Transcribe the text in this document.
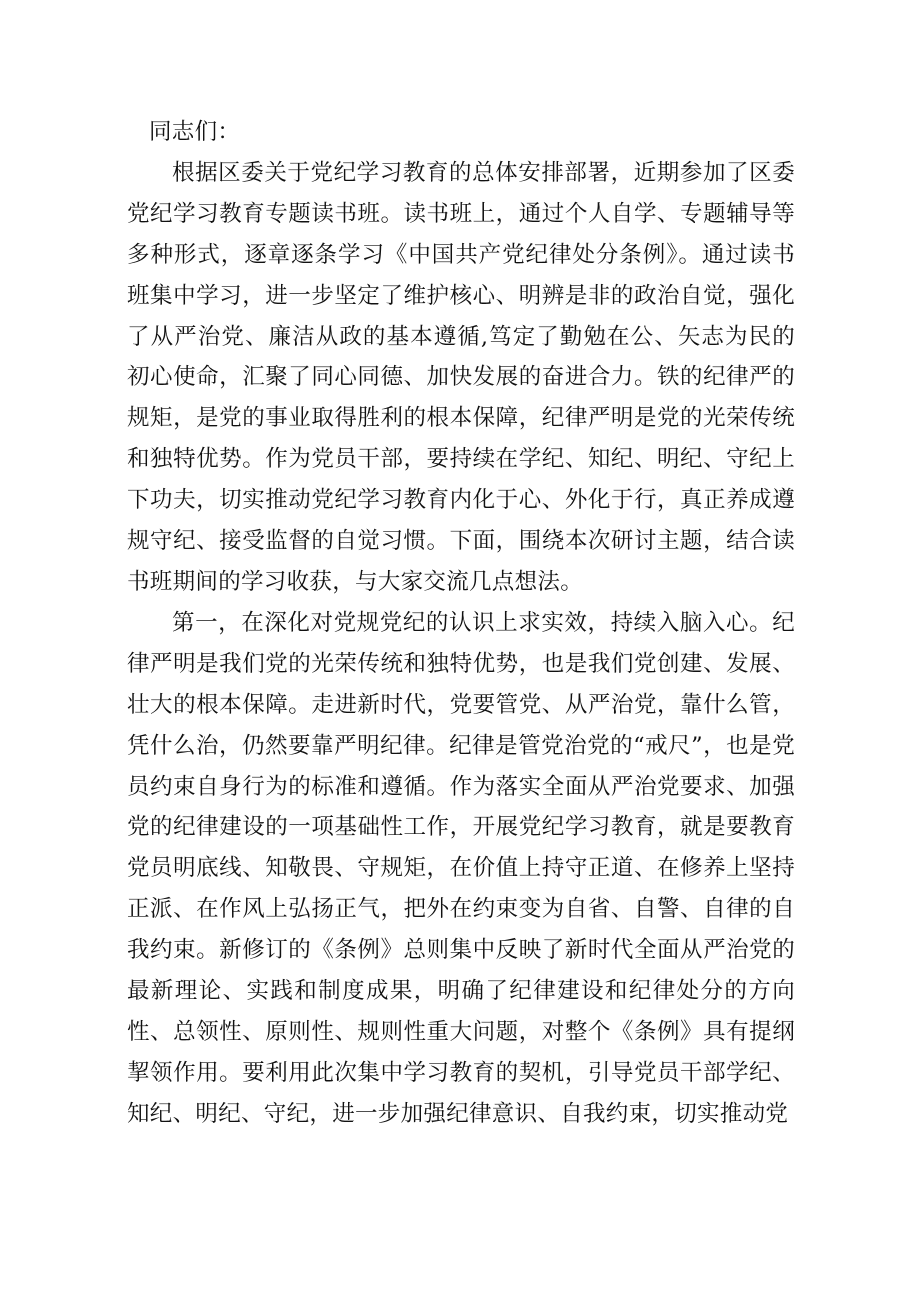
同志们：

根据区委关于党纪学习教育的总体安排部署，近期参加了区委党纪学习教育专题读书班。读书班上，通过个人自学、专题辅导等多种形式，逐章逐条学习《中国共产党纪律处分条例》。通过读书班集中学习，进一步坚定了维护核心、明辨是非的政治自觉，强化了从严治党、廉洁从政的基本遵循,笃定了勤勉在公、矢志为民的初心使命，汇聚了同心同德、加快发展的奋进合力。铁的纪律严的规矩，是党的事业取得胜利的根本保障，纪律严明是党的光荣传统和独特优势。作为党员干部，要持续在学纪、知纪、明纪、守纪上下功夫，切实推动党纪学习教育内化于心、外化于行，真正养成遵规守纪、接受监督的自觉习惯。下面，围绕本次研讨主题，结合读书班期间的学习收获，与大家交流几点想法。

第一，在深化对党规党纪的认识上求实效，持续入脑入心。纪律严明是我们党的光荣传统和独特优势，也是我们党创建、发展、壮大的根本保障。走进新时代，党要管党、从严治党，靠什么管，凭什么治，仍然要靠严明纪律。纪律是管党治党的“戒尺”，也是党员约束自身行为的标准和遵循。作为落实全面从严治党要求、加强党的纪律建设的一项基础性工作，开展党纪学习教育，就是要教育党员明底线、知敬畏、守规矩，在价值上持守正道、在修养上坚持正派、在作风上弘扬正气，把外在约束变为自省、自警、自律的自我约束。新修订的《条例》总则集中反映了新时代全面从严治党的最新理论、实践和制度成果，明确了纪律建设和纪律处分的方向性、总领性、原则性、规则性重大问题，对整个《条例》具有提纲挈领作用。要利用此次集中学习教育的契机，引导党员干部学纪、知纪、明纪、守纪，进一步加强纪律意识、自我约束，切实推动党
